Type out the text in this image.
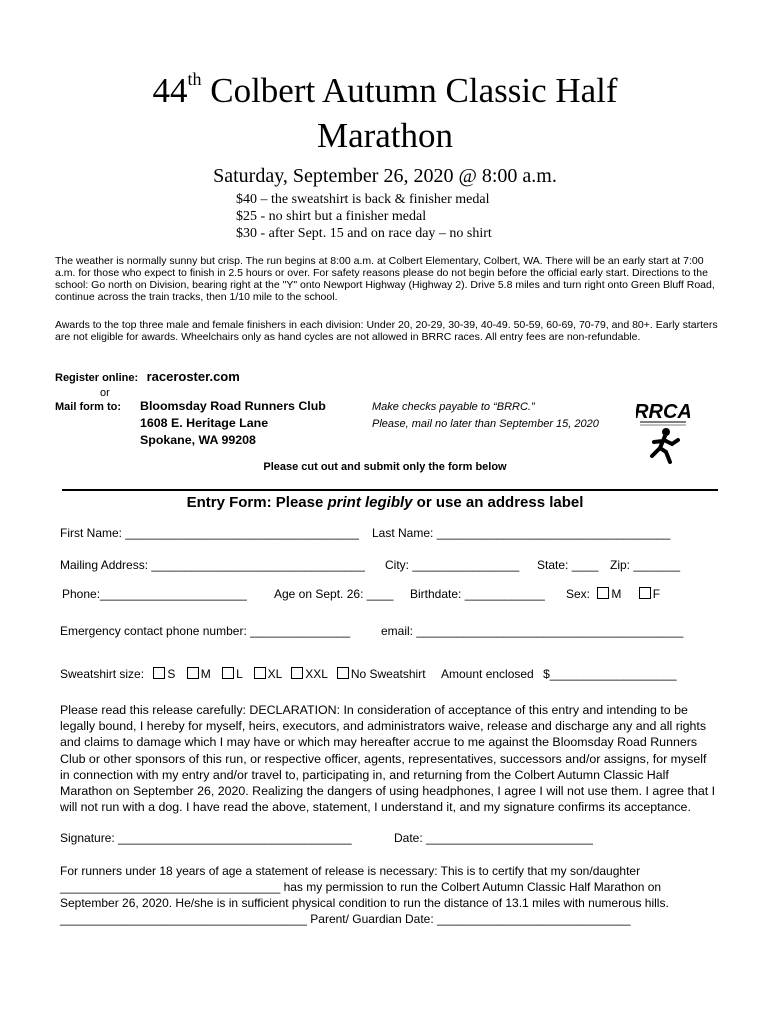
44th Colbert Autumn Classic Half
Marathon
Saturday, September 26, 2020 @ 8:00 a.m.
$40 – the sweatshirt is back & finisher medal
$25 - no shirt but a finisher medal
$30 - after Sept. 15 and on race day – no shirt
The weather is normally sunny but crisp. The run begins at 8:00 a.m. at Colbert Elementary, Colbert, WA. There will be an early start at 7:00 a.m. for those who expect to finish in 2.5 hours or over. For safety reasons please do not begin before the official early start. Directions to the school: Go north on Division, bearing right at the "Y" onto Newport Highway (Highway 2). Drive 5.8 miles and turn right onto Green Bluff Road, continue across the train tracks, then 1/10 mile to the school.
Awards to the top three male and female finishers in each division: Under 20, 20-29, 30-39, 40-49. 50-59, 60-69, 70-79, and 80+. Early starters are not eligible for awards. Wheelchairs only as hand cycles are not allowed in BRRC races. All entry fees are non-refundable.
Register online: raceroster.com
or
Mail form to: Bloomsday Road Runners Club
1608 E. Heritage Lane
Spokane, WA 99208
Make checks payable to “BRRC.”
Please, mail no later than September 15, 2020
RRCA
Please cut out and submit only the form below
Entry Form: Please print legibly or use an address label
First Name: ___________________________________ Last Name: ___________________________________
Mailing Address: ________________________________ City: ________________ State: ____ Zip: _______
Phone:______________________ Age on Sept. 26: ____ Birthdate: ____________ Sex: M	F
Emergency contact phone number: _______________	email: ________________________________________
Sweatshirt size: S M L XL XXL No Sweatshirt Amount enclosed $___________________
Please read this release carefully: DECLARATION: In consideration of acceptance of this entry and intending to be legally bound, I hereby for myself, heirs, executors, and administrators waive, release and discharge any and all rights and claims to damage which I may have or which may hereafter accrue to me against the Bloomsday Road Runners Club or other sponsors of this run, or respective officer, agents, representatives, successors and/or assigns, for myself in connection with my entry and/or travel to, participating in, and returning from the Colbert Autumn Classic Half Marathon on September 26, 2020. Realizing the dangers of using headphones, I agree I will not use them. I agree that I will not run with a dog. I have read the above, statement, I understand it, and my signature confirms its acceptance.
Signature: ___________________________________	Date: _________________________
For runners under 18 years of age a statement of release is necessary: This is to certify that my son/daughter
_________________________________ has my permission to run the Colbert Autumn Classic Half Marathon on
September 26, 2020. He/she is in sufficient physical condition to run the distance of 13.1 miles with numerous hills.
_____________________________________ Parent/ Guardian Date: _____________________________
